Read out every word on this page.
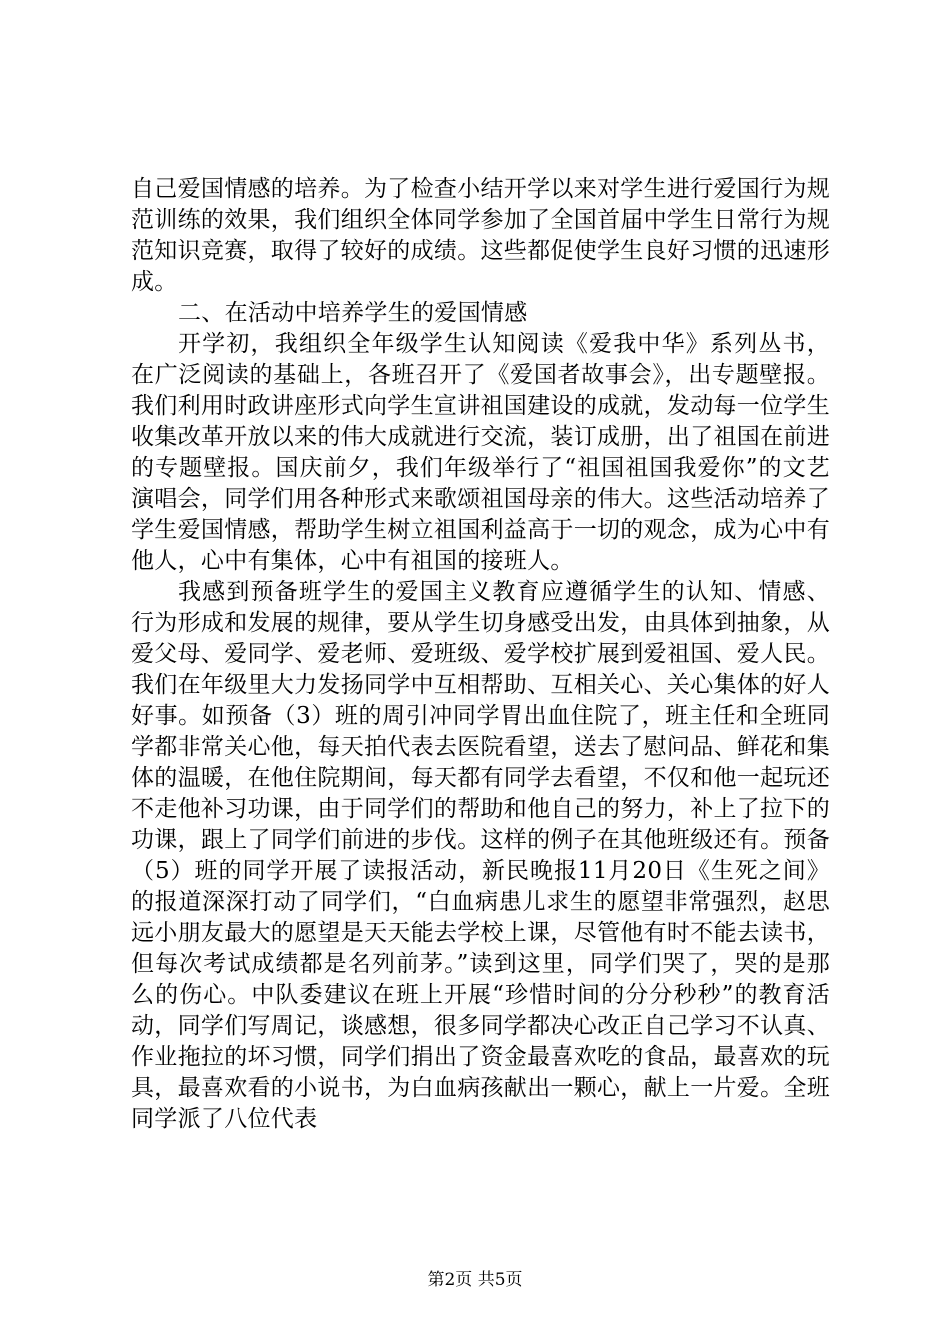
自己爱国情感的培养。为了检查小结开学以来对学生进行爱国行为规范训练的效果，我们组织全体同学参加了全国首届中学生日常行为规范知识竞赛，取得了较好的成绩。这些都促使学生良好习惯的迅速形成。

二、在活动中培养学生的爱国情感

开学初，我组织全年级学生认知阅读《爱我中华》系列丛书，在广泛阅读的基础上，各班召开了《爱国者故事会》，出专题壁报。我们利用时政讲座形式向学生宣讲祖国建设的成就，发动每一位学生收集改革开放以来的伟大成就进行交流，装订成册，出了祖国在前进的专题壁报。国庆前夕，我们年级举行了“祖国祖国我爱你”的文艺演唱会，同学们用各种形式来歌颂祖国母亲的伟大。这些活动培养了学生爱国情感，帮助学生树立祖国利益高于一切的观念，成为心中有他人，心中有集体，心中有祖国的接班人。

我感到预备班学生的爱国主义教育应遵循学生的认知、情感、行为形成和发展的规律，要从学生切身感受出发，由具体到抽象，从爱父母、爱同学、爱老师、爱班级、爱学校扩展到爱祖国、爱人民。我们在年级里大力发扬同学中互相帮助、互相关心、关心集体的好人好事。如预备（3）班的周引冲同学胃出血住院了，班主任和全班同学都非常关心他，每天拍代表去医院看望，送去了慰问品、鲜花和集体的温暖，在他住院期间，每天都有同学去看望，不仅和他一起玩还不走他补习功课，由于同学们的帮助和他自己的努力，补上了拉下的功课，跟上了同学们前进的步伐。这样的例子在其他班级还有。预备（5）班的同学开展了读报活动，新民晚报11月20日《生死之间》的报道深深打动了同学们，“白血病患儿求生的愿望非常强烈，赵思远小朋友最大的愿望是天天能去学校上课，尽管他有时不能去读书，但每次考试成绩都是名列前茅。”读到这里，同学们哭了，哭的是那么的伤心。中队委建议在班上开展“珍惜时间的分分秒秒”的教育活动，同学们写周记，谈感想，很多同学都决心改正自己学习不认真、作业拖拉的坏习惯，同学们捐出了资金最喜欢吃的食品，最喜欢的玩具，最喜欢看的小说书，为白血病孩献出一颗心，献上一片爱。全班同学派了八位代表

第2页 共5页
